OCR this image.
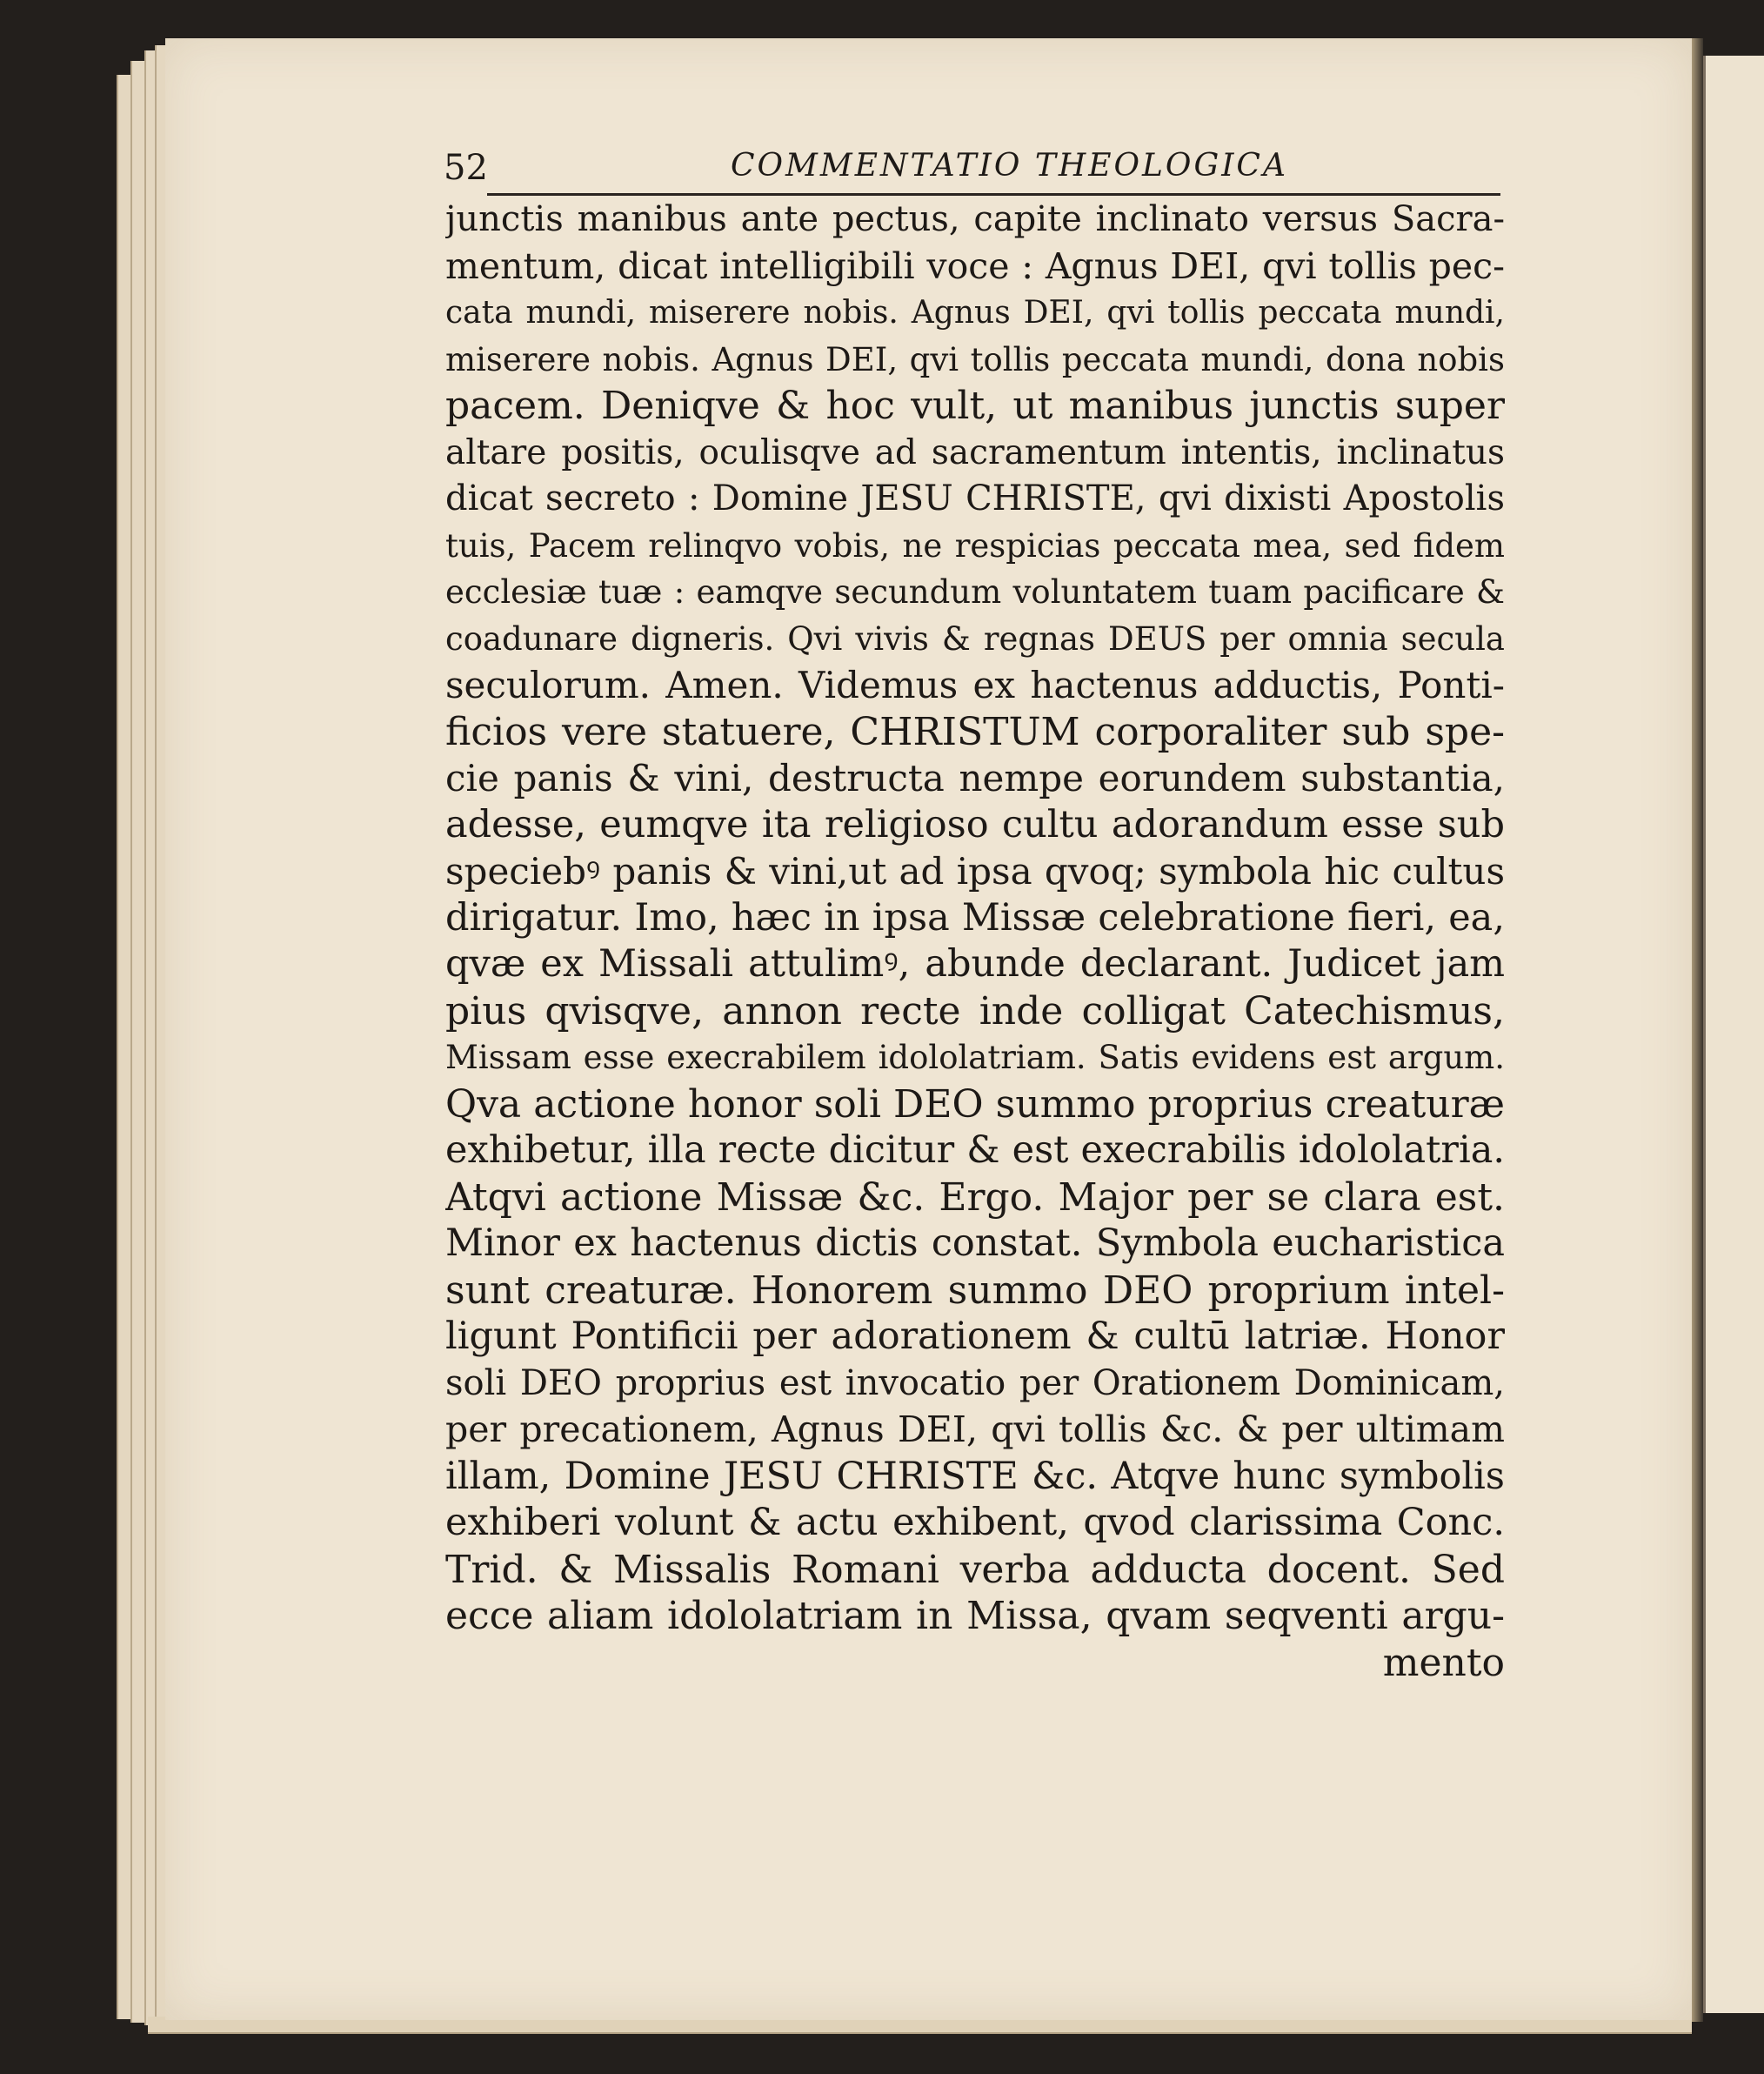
52	COMMENTATIO THEOLOGICA
junctis manibus ante pectus, capite inclinato versus Sacra-
mentum, dicat intelligibili voce : Agnus DEI, qvi tollis pec-
cata mundi, miserere nobis. Agnus DEI, qvi tollis peccata mundi,
miserere nobis. Agnus DEI, qvi tollis peccata mundi, dona nobis
pacem. Deniqve & hoc vult, ut manibus junctis super
altare positis, oculisqve ad sacramentum intentis, inclinatus
dicat secreto : Domine JESU CHRISTE, qvi dixisti Apostolis
tuis, Pacem relinqvo vobis, ne respicias peccata mea, sed fidem
ecclesiæ tuæ : eamqve secundum voluntatem tuam pacificare &
coadunare digneris. Qvi vivis & regnas DEUS per omnia secula
seculorum. Amen. Videmus ex hactenus adductis, Ponti-
ficios vere statuere, CHRISTUM corporaliter sub spe-
cie panis & vini, destructa nempe eorundem substantia,
adesse, eumqve ita religioso cultu adorandum esse sub
speciebꝰ panis & vini,ut ad ipsa qvoq; symbola hic cultus
dirigatur. Imo, hæc in ipsa Missæ celebratione fieri, ea,
qvæ ex Missali attulimꝰ, abunde declarant. Judicet jam
pius qvisqve, annon recte inde colligat Catechismus,
Missam esse execrabilem idololatriam. Satis evidens est argum.
Qva actione honor soli DEO summo proprius creaturæ
exhibetur, illa recte dicitur & est execrabilis idololatria.
Atqvi actione Missæ &c. Ergo. Major per se clara est.
Minor ex hactenus dictis constat. Symbola eucharistica
sunt creaturæ. Honorem summo DEO proprium intel-
ligunt Pontificii per adorationem & cultū latriæ. Honor
soli DEO proprius est invocatio per Orationem Dominicam,
per precationem, Agnus DEI, qvi tollis &c. & per ultimam
illam, Domine JESU CHRISTE &c. Atqve hunc symbolis
exhiberi volunt & actu exhibent, qvod clarissima Conc.
Trid. & Missalis Romani verba adducta docent. Sed
ecce aliam idololatriam in Missa, qvam seqventi argu-
mento
